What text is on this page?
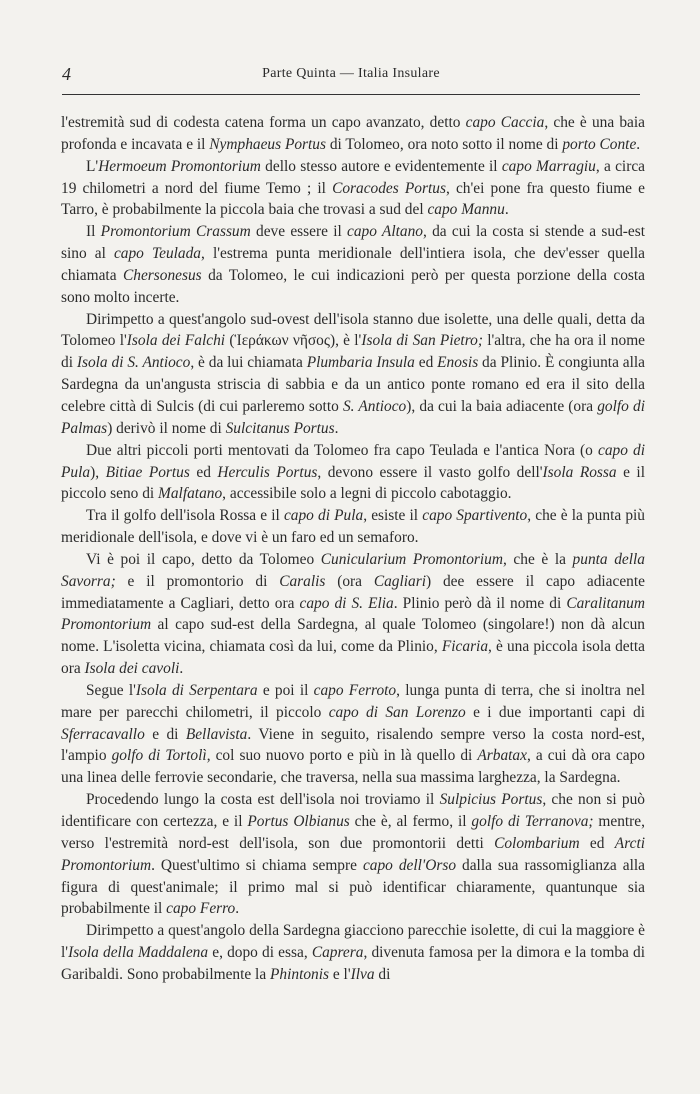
4	Parte Quinta — Italia Insulare

l'estremità sud di codesta catena forma un capo avanzato, detto capo Caccia, che è una baia profonda e incavata e il Nymphaeus Portus di Tolomeo, ora noto sotto il nome di porto Conte.

L'Hermoeum Promontorium dello stesso autore e evidentemente il capo Marragiu, a circa 19 chilometri a nord del fiume Temo ; il Coracodes Portus, ch'ei pone fra questo fiume e Tarro, è probabilmente la piccola baia che trovasi a sud del capo Mannu.

Il Promontorium Crassum deve essere il capo Altano, da cui la costa si stende a sud-est sino al capo Teulada, l'estrema punta meridionale dell'intiera isola, che dev'esser quella chiamata Chersonesus da Tolomeo, le cui indicazioni però per questa porzione della costa sono molto incerte.

Dirimpetto a quest'angolo sud-ovest dell'isola stanno due isolette, una delle quali, detta da Tolomeo l'Isola dei Falchi (Ἱεράκων νῆσος), è l'Isola di San Pietro; l'altra, che ha ora il nome di Isola di S. Antioco, è da lui chiamata Plumbaria Insula ed Enosis da Plinio. È congiunta alla Sardegna da un'angusta striscia di sabbia e da un antico ponte romano ed era il sito della celebre città di Sulcis (di cui parleremo sotto S. Antioco), da cui la baia adiacente (ora golfo di Palmas) derivò il nome di Sulcitanus Portus.

Due altri piccoli porti mentovati da Tolomeo fra capo Teulada e l'antica Nora (o capo di Pula), Bitiae Portus ed Herculis Portus, devono essere il vasto golfo dell'Isola Rossa e il piccolo seno di Malfatano, accessibile solo a legni di piccolo cabotaggio.

Tra il golfo dell'isola Rossa e il capo di Pula, esiste il capo Spartivento, che è la punta più meridionale dell'isola, e dove vi è un faro ed un semaforo.

Vi è poi il capo, detto da Tolomeo Cunicularium Promontorium, che è la punta della Savorra; e il promontorio di Caralis (ora Cagliari) dee essere il capo adiacente immediatamente a Cagliari, detto ora capo di S. Elia. Plinio però dà il nome di Caralitanum Promontorium al capo sud-est della Sardegna, al quale Tolomeo (singolare!) non dà alcun nome. L'isoletta vicina, chiamata così da lui, come da Plinio, Ficaria, è una piccola isola detta ora Isola dei cavoli.

Segue l'Isola di Serpentara e poi il capo Ferroto, lunga punta di terra, che si inoltra nel mare per parecchi chilometri, il piccolo capo di San Lorenzo e i due importanti capi di Sferracavallo e di Bellavista. Viene in seguito, risalendo sempre verso la costa nord-est, l'ampio golfo di Tortolì, col suo nuovo porto e più in là quello di Arbatax, a cui dà ora capo una linea delle ferrovie secondarie, che traversa, nella sua massima larghezza, la Sardegna.

Procedendo lungo la costa est dell'isola noi troviamo il Sulpicius Portus, che non si può identificare con certezza, e il Portus Olbianus che è, al fermo, il golfo di Terranova; mentre, verso l'estremità nord-est dell'isola, son due promontorii detti Colombarium ed Arcti Promontorium. Quest'ultimo si chiama sempre capo dell'Orso dalla sua rassomiglianza alla figura di quest'animale; il primo mal si può identificar chiaramente, quantunque sia probabilmente il capo Ferro.

Dirimpetto a quest'angolo della Sardegna giacciono parecchie isolette, di cui la maggiore è l'Isola della Maddalena e, dopo di essa, Caprera, divenuta famosa per la dimora e la tomba di Garibaldi. Sono probabilmente la Phintonis e l'Ilva di
